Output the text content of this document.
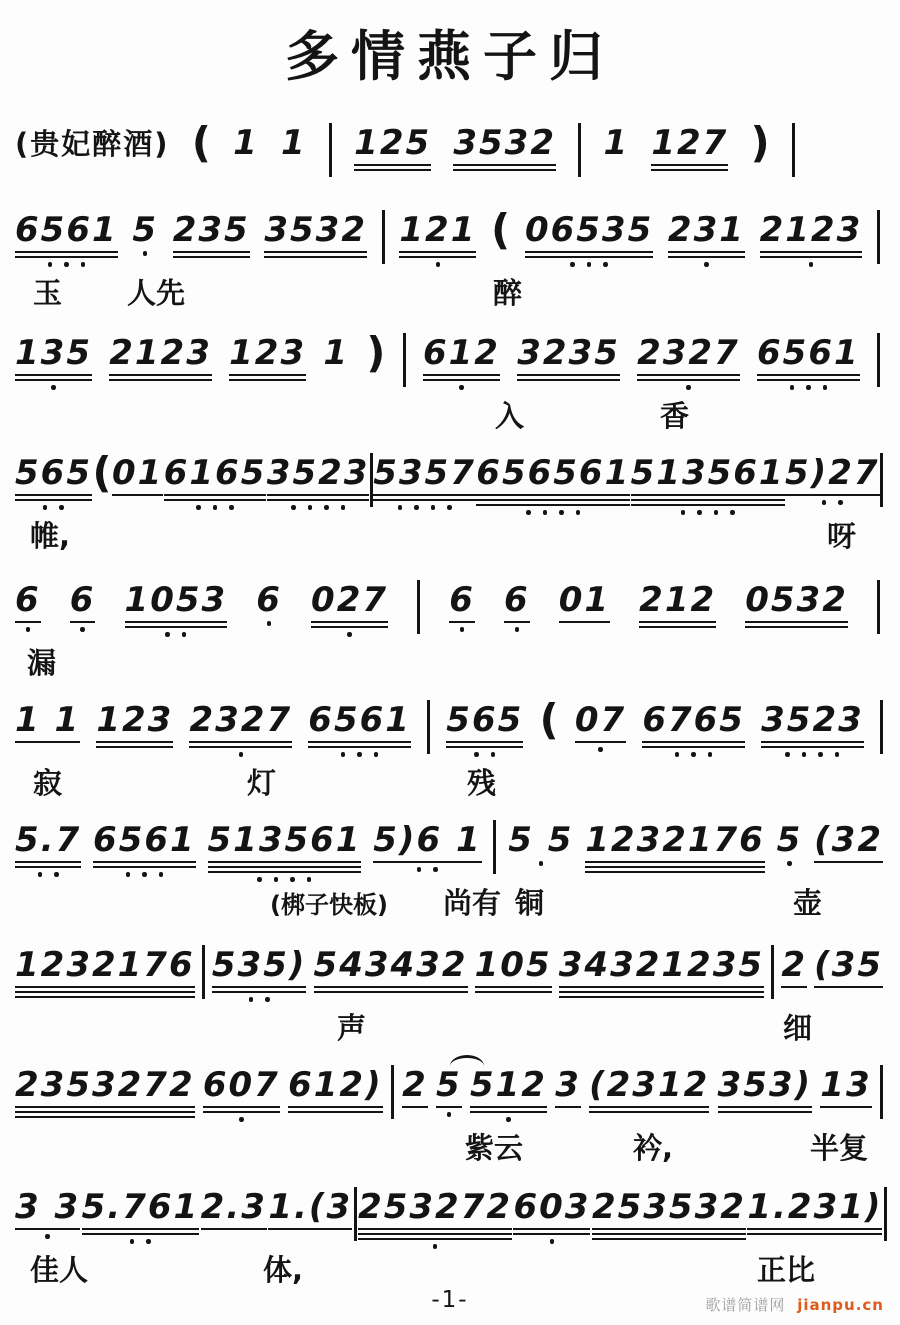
多情燕子归
(贵妃醉酒) ( 1 1 125 3532 1 127 )
6561 5 235 3532 121 ( 06535 231 2123
玉 人先	醉
135 2123 123 1 ) 612 3235 2327 6561
入	香
565 ( 01 6165 3523 5357 656561 513561 5)27
帷,	呀
6 6 1053 6 027 6 6 01 212 0532
漏
1 1 123 2327 6561 565 ( 07 6765 3523
寂	灯	残
5.7 6561 513561 5)6 1 5 5 1232176 5 (32
(梆子快板) 尚有 铜	壶
1232176 535) 543432 105 34321235 2 (35
声	细
2353272 607 612) 2 5 512 3 (2312 353) 13
紫云	衿,	半复
3 3 5.761 2.3 1.(3 253272 603 253532 1.231)
佳人	体,	正比
-1-	歌谱简谱网 jianpu.cn
